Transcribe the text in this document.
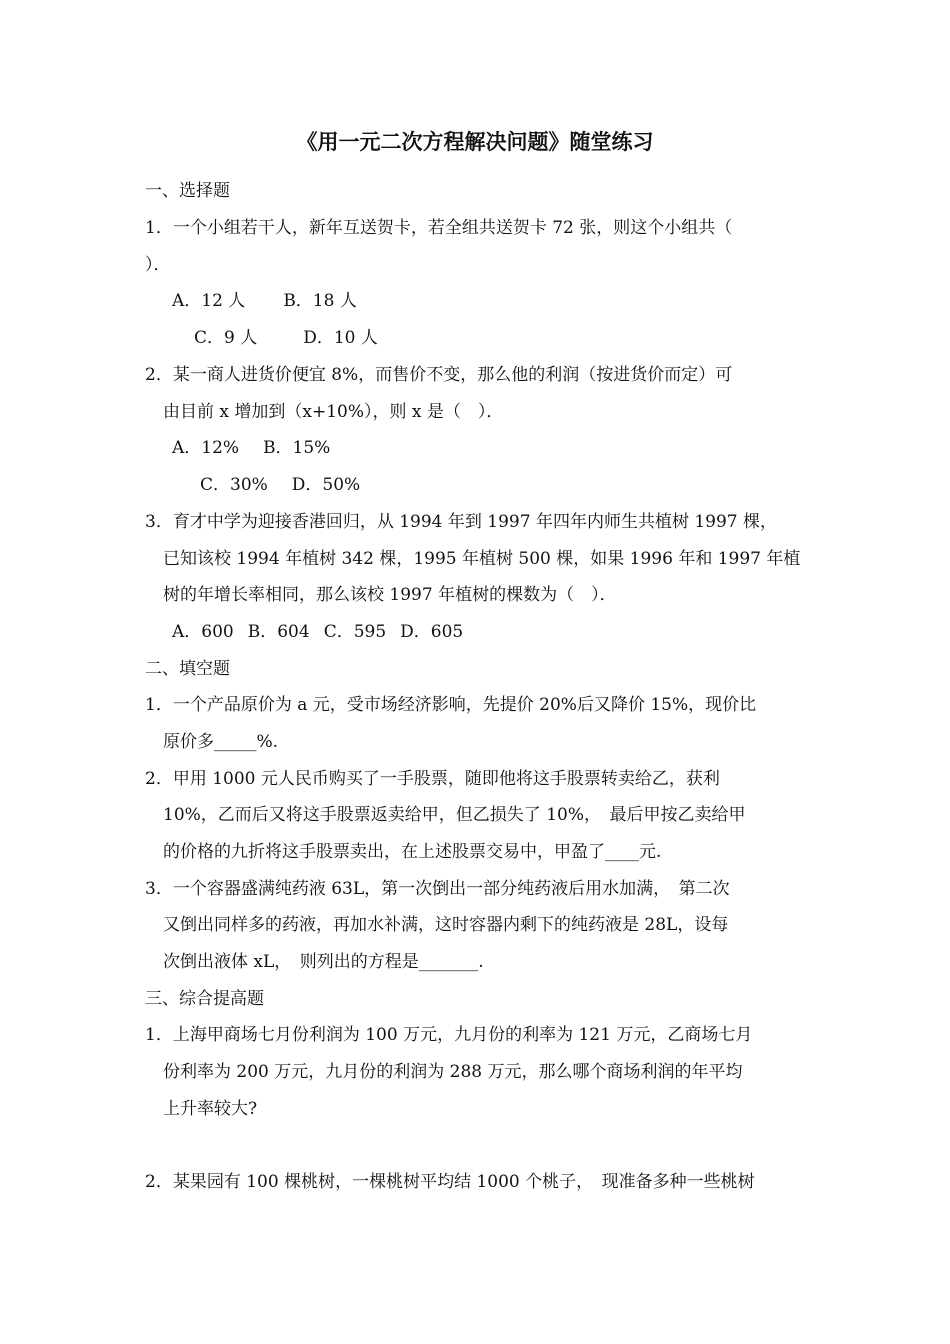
《用一元二次方程解决问题》随堂练习
一、选择题
1．一个小组若干人，新年互送贺卡，若全组共送贺卡 72 张，则这个小组共（
）．
A．12 人 B．18 人
C．9 人	D．10 人
2．某一商人进货价便宜 8%，而售价不变，那么他的利润（按进货价而定）可
由目前 x 增加到（x+10%），则 x 是（　）．
A．12% B．15%
C．30% D．50%
3．育才中学为迎接香港回归，从 1994 年到 1997 年四年内师生共植树 1997 棵，
已知该校 1994 年植树 342 棵，1995 年植树 500 棵，如果 1996 年和 1997 年植
树的年增长率相同，那么该校 1997 年植树的棵数为（　）．
A．600 B．604 C．595 D．605
二、填空题
1．一个产品原价为 a 元，受市场经济影响，先提价 20%后又降价 15%，现价比
原价多_____%.
2．甲用 1000 元人民币购买了一手股票，随即他将这手股票转卖给乙，获利
10%，乙而后又将这手股票返卖给甲，但乙损失了 10%，　最后甲按乙卖给甲
的价格的九折将这手股票卖出，在上述股票交易中，甲盈了____元.
3．一个容器盛满纯药液 63L，第一次倒出一部分纯药液后用水加满，　第二次
又倒出同样多的药液，再加水补满，这时容器内剩下的纯药液是 28L，设每
次倒出液体 xL，　则列出的方程是_______.
三、综合提高题
1．上海甲商场七月份利润为 100 万元，九月份的利率为 121 万元，乙商场七月
份利率为 200 万元，九月份的利润为 288 万元，那么哪个商场利润的年平均
上升率较大?
2．某果园有 100 棵桃树，一棵桃树平均结 1000 个桃子，　现准备多种一些桃树
